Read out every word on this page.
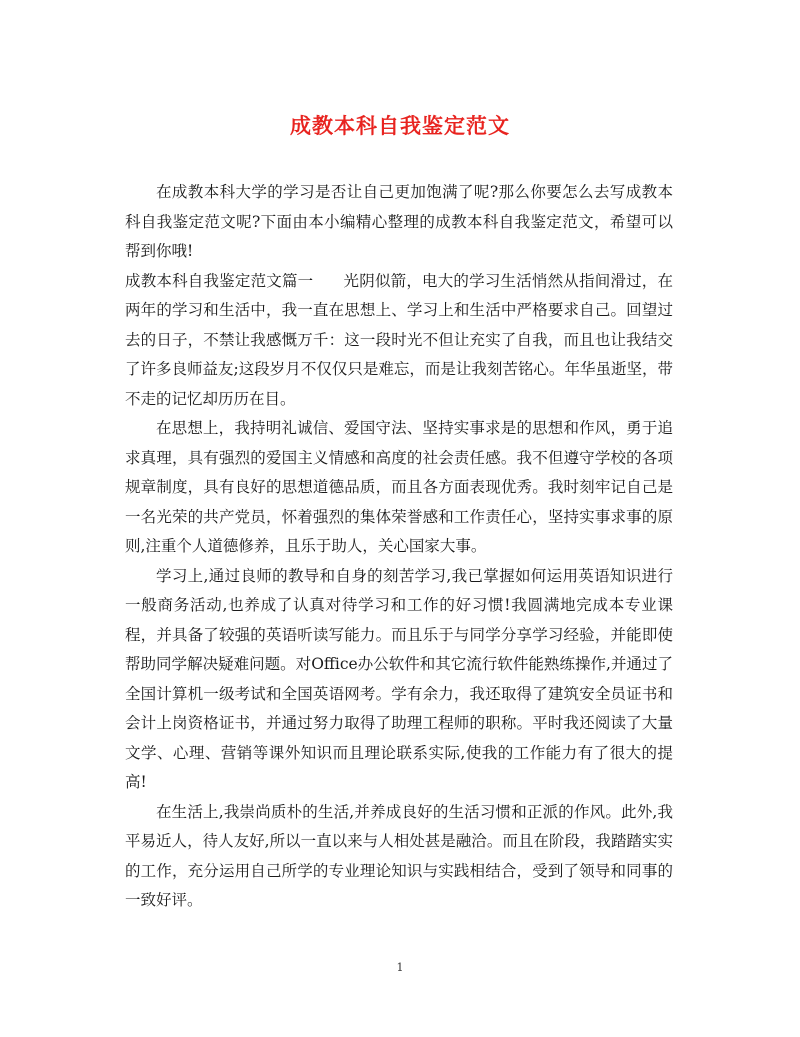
成教本科自我鉴定范文

在成教本科大学的学习是否让自己更加饱满了呢?那么你要怎么去写成教本科自我鉴定范文呢?下面由本小编精心整理的成教本科自我鉴定范文，希望可以帮到你哦!

成教本科自我鉴定范文篇一 光阴似箭，电大的学习生活悄然从指间滑过，在两年的学习和生活中，我一直在思想上、学习上和生活中严格要求自己。回望过去的日子，不禁让我感慨万千：这一段时光不但让充实了自我，而且也让我结交了许多良师益友;这段岁月不仅仅只是难忘，而是让我刻苦铭心。年华虽逝坚，带不走的记忆却历历在目。

在思想上，我持明礼诚信、爱国守法、坚持实事求是的思想和作风，勇于追求真理，具有强烈的爱国主义情感和高度的社会责任感。我不但遵守学校的各项规章制度，具有良好的思想道德品质，而且各方面表现优秀。我时刻牢记自己是一名光荣的共产党员，怀着强烈的集体荣誉感和工作责任心，坚持实事求事的原则,注重个人道德修养，且乐于助人，关心国家大事。

学习上,通过良师的教导和自身的刻苦学习,我已掌握如何运用英语知识进行一般商务活动,也养成了认真对待学习和工作的好习惯!我圆满地完成本专业课程，并具备了较强的英语听读写能力。而且乐于与同学分享学习经验，并能即使帮助同学解决疑难问题。对Office办公软件和其它流行软件能熟练操作,并通过了全国计算机一级考试和全国英语网考。学有余力，我还取得了建筑安全员证书和会计上岗资格证书，并通过努力取得了助理工程师的职称。平时我还阅读了大量文学、心理、营销等课外知识而且理论联系实际,使我的工作能力有了很大的提高!

在生活上,我崇尚质朴的生活,并养成良好的生活习惯和正派的作风。此外,我平易近人，待人友好,所以一直以来与人相处甚是融洽。而且在阶段，我踏踏实实的工作，充分运用自己所学的专业理论知识与实践相结合，受到了领导和同事的一致好评。

1
